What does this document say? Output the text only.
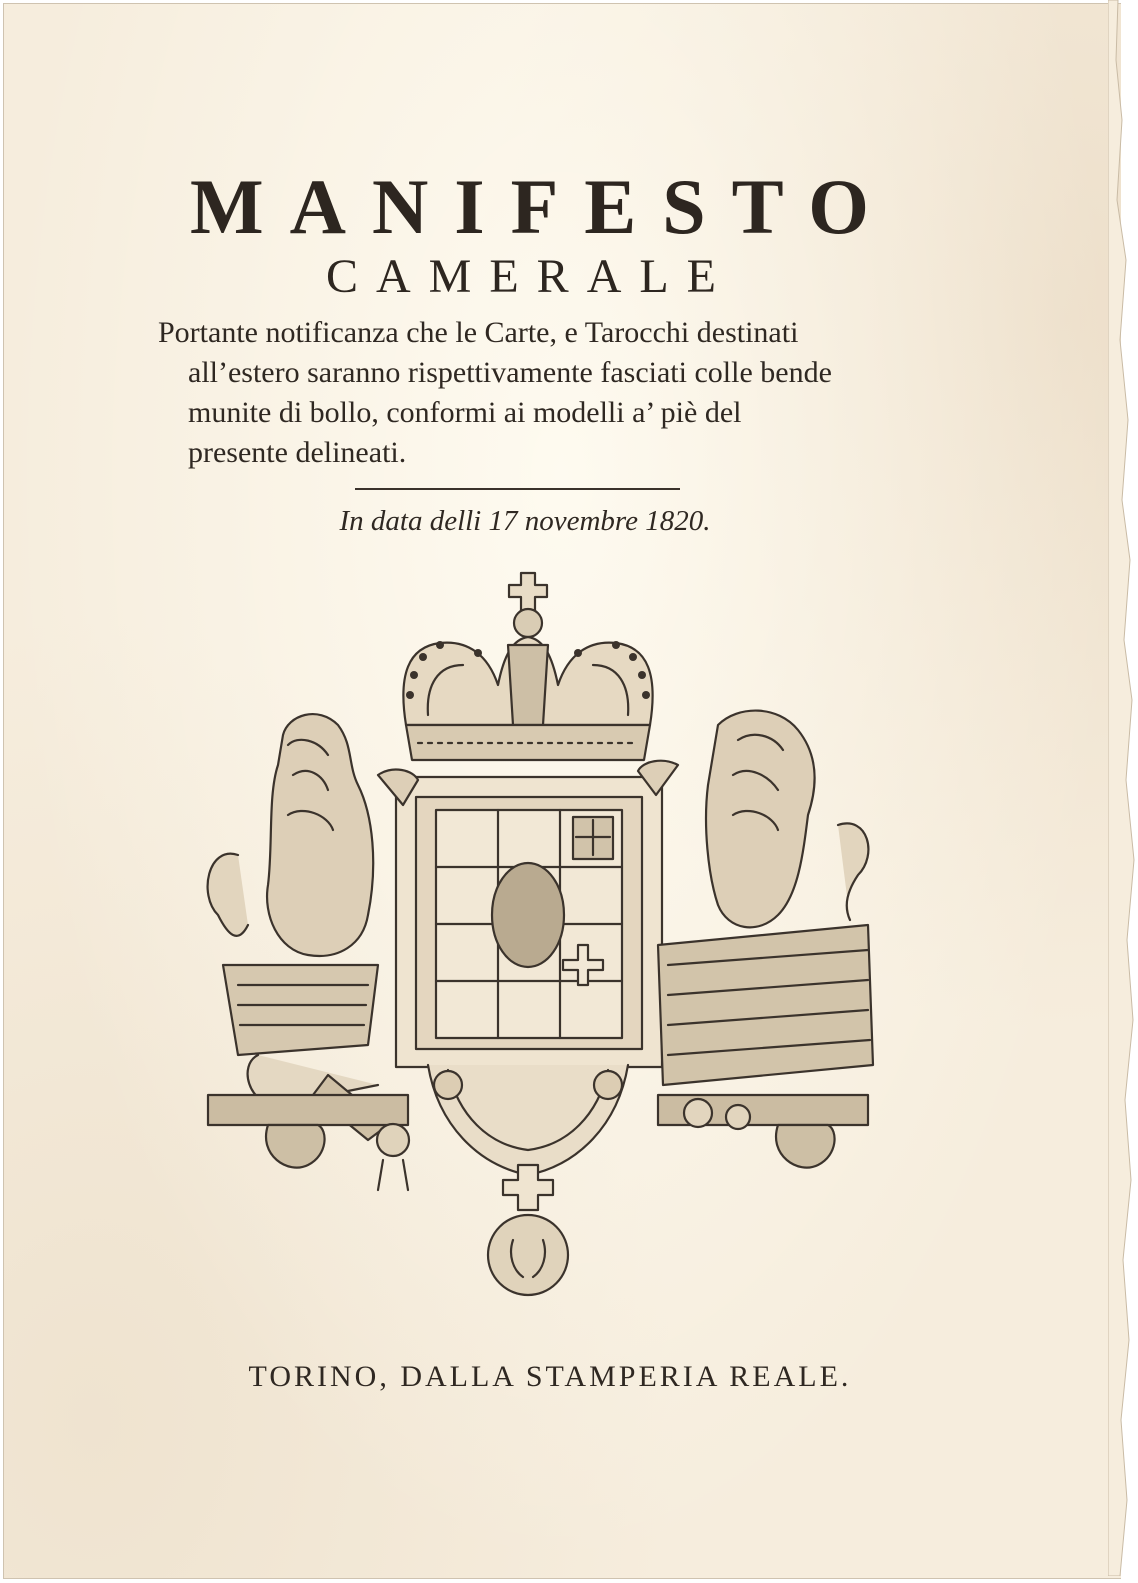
MANIFESTO
CAMERALE
Portante notificanza che le Carte, e Tarocchi destinati
all’estero saranno rispettivamente fasciati colle bende
munite di bollo, conformi ai modelli a’ piè del
presente delineati.
In data delli 17 novembre 1820.
TORINO, DALLA STAMPERIA REALE.
